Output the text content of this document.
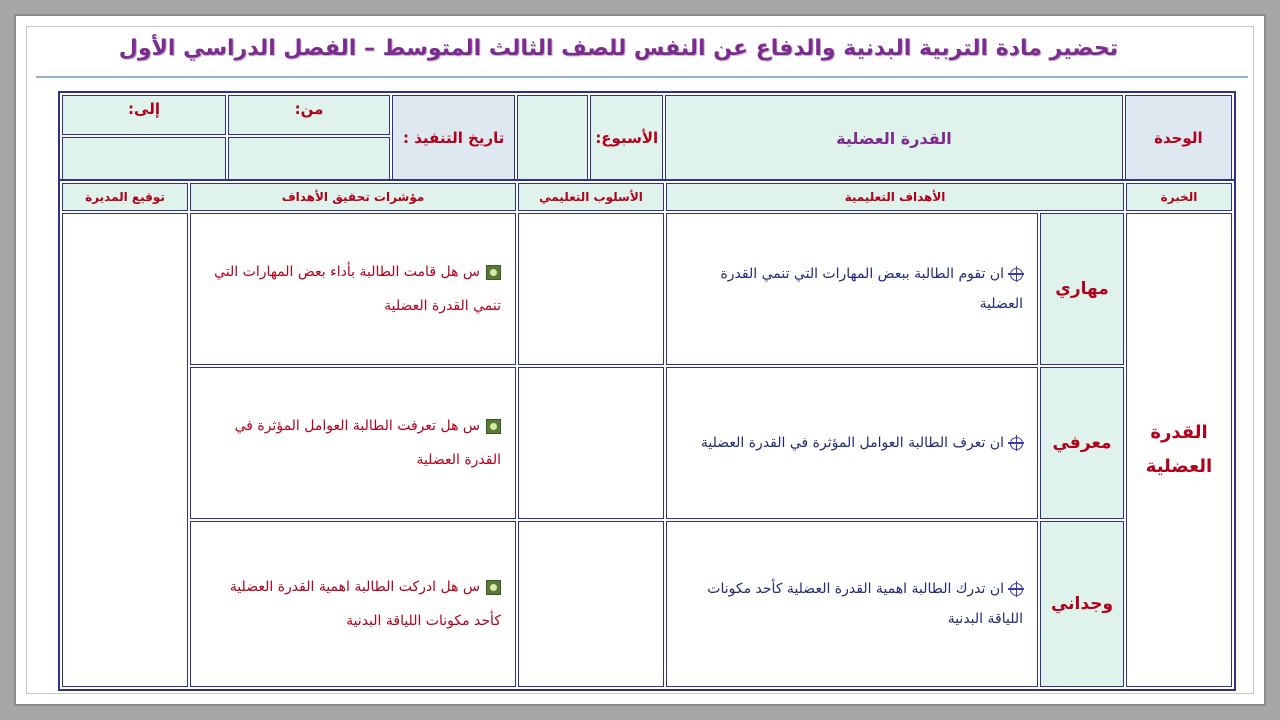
تحضير مادة التربية البدنية والدفاع عن النفس للصف الثالث المتوسط – الفصل الدراسي الأول
الوحدة	القدرة العضلية	الأسبوع:		تاريخ التنفيذ :	من:	إلى:

الخبرة	الأهداف التعليمية		الأسلوب التعليمي	مؤشرات تحقيق الأهداف	توقيع المديرة
القدرة العضلية	مهاري	ان تقوم الطالبة ببعض المهارات التي تنمي القدرة العضلية		س هل قامت الطالبة بأداء بعض المهارات التي تنمي القدرة العضلية	
	معرفي	ان تعرف الطالبة العوامل المؤثرة في القدرة العضلية		س هل تعرفت الطالبة العوامل المؤثرة في القدرة العضلية	
	وجداني	ان تدرك الطالبة اهمية القدرة العضلية كأحد مكونات اللياقة البدنية		س هل ادركت الطالبة اهمية القدرة العضلية كأحد مكونات اللياقة البدنية	
